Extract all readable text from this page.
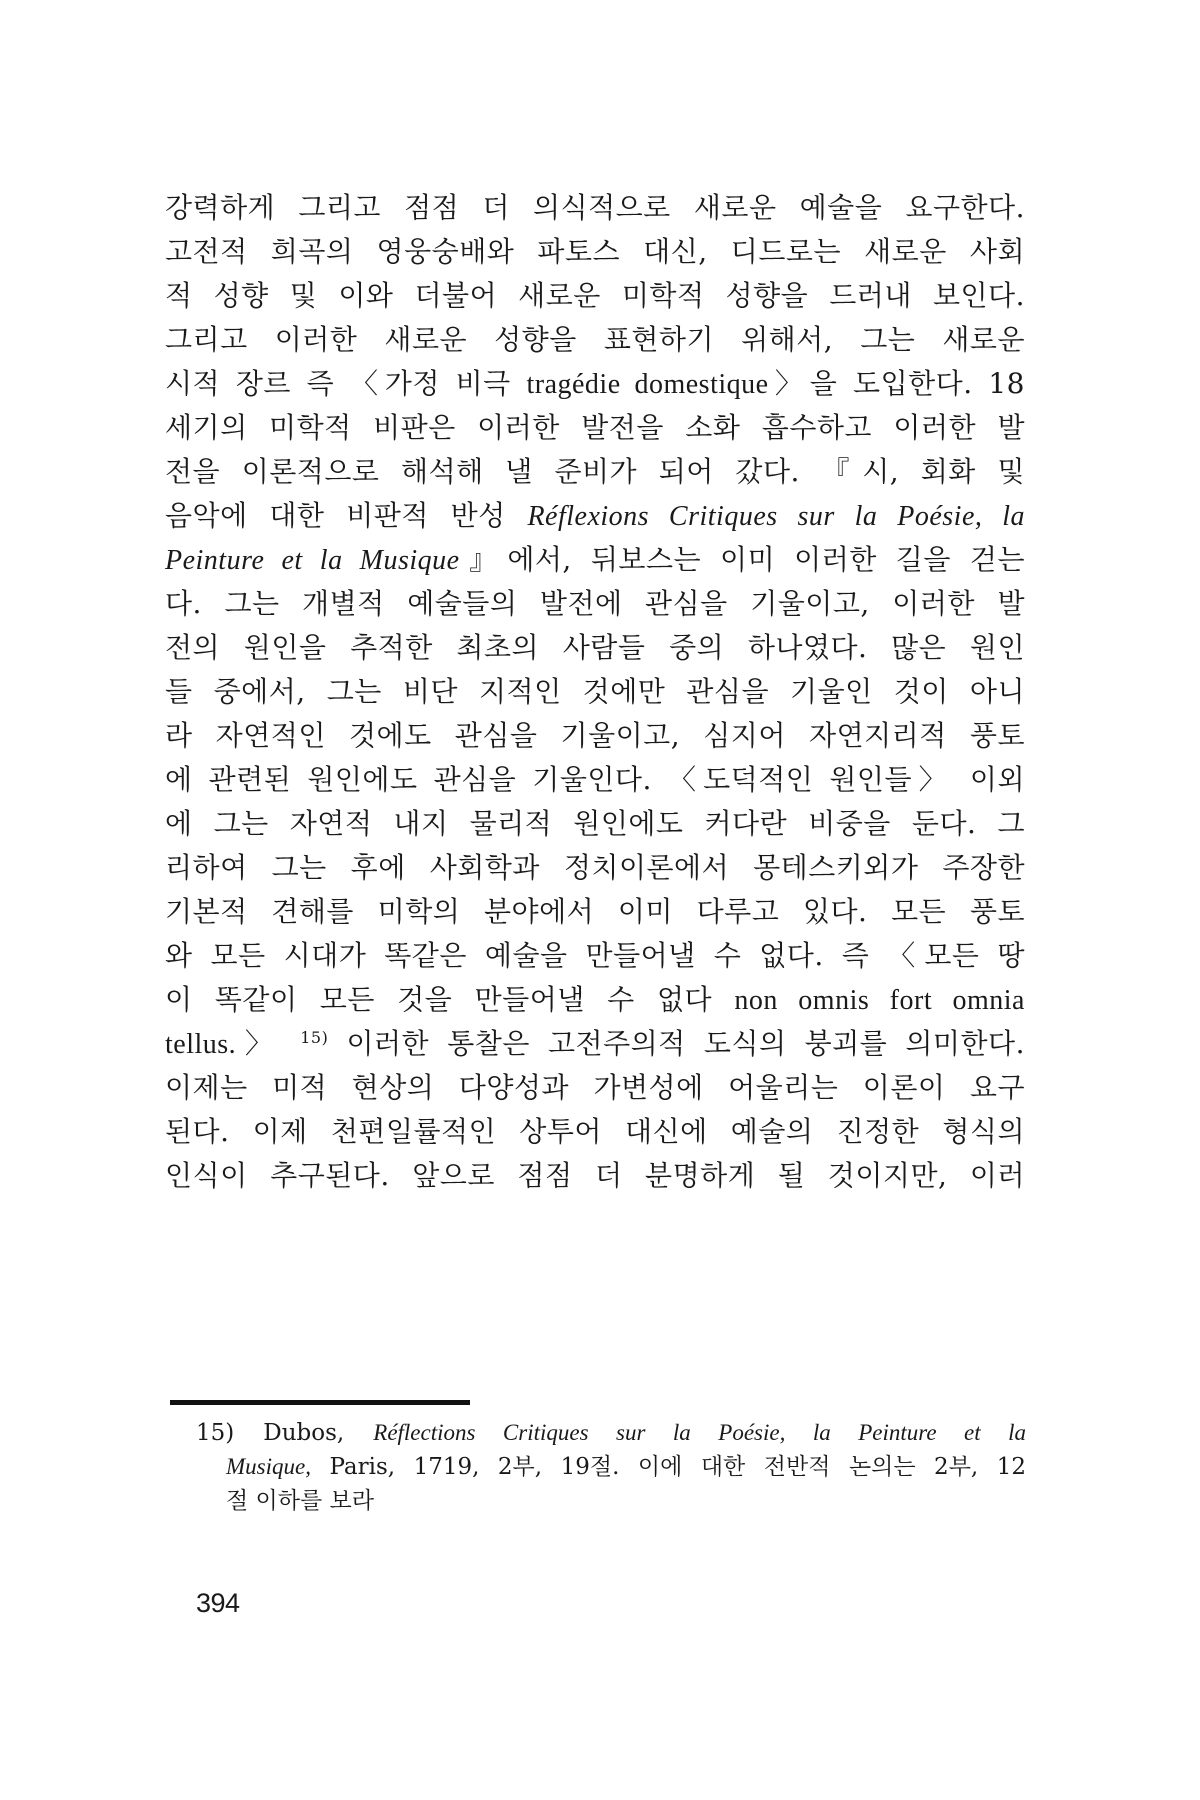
강력하게 그리고 점점 더 의식적으로 새로운 예술을 요구한다.
고전적 희곡의 영웅숭배와 파토스 대신, 디드로는 새로운 사회
적 성향 및 이와 더불어 새로운 미학적 성향을 드러내 보인다.
그리고 이러한 새로운 성향을 표현하기 위해서, 그는 새로운
시적 장르 즉 〈가정 비극 tragédie domestique〉을 도입한다. 18
세기의 미학적 비판은 이러한 발전을 소화 흡수하고 이러한 발
전을 이론적으로 해석해 낼 준비가 되어 갔다. 『시, 회화 및
음악에 대한 비판적 반성 Réflexions Critiques sur la Poésie, la
Peinture et la Musique』에서, 뒤보스는 이미 이러한 길을 걷는
다. 그는 개별적 예술들의 발전에 관심을 기울이고, 이러한 발
전의 원인을 추적한 최초의 사람들 중의 하나였다. 많은 원인
들 중에서, 그는 비단 지적인 것에만 관심을 기울인 것이 아니
라 자연적인 것에도 관심을 기울이고, 심지어 자연지리적 풍토
에 관련된 원인에도 관심을 기울인다. 〈도덕적인 원인들〉 이외
에 그는 자연적 내지 물리적 원인에도 커다란 비중을 둔다. 그
리하여 그는 후에 사회학과 정치이론에서 몽테스키외가 주장한
기본적 견해를 미학의 분야에서 이미 다루고 있다. 모든 풍토
와 모든 시대가 똑같은 예술을 만들어낼 수 없다. 즉 〈모든 땅
이 똑같이 모든 것을 만들어낼 수 없다 non omnis fort omnia
tellus.〉 $^{15)}$ 이러한 통찰은 고전주의적 도식의 붕괴를 의미한다.
이제는 미적 현상의 다양성과 가변성에 어울리는 이론이 요구
된다. 이제 천편일률적인 상투어 대신에 예술의 진정한 형식의
인식이 추구된다. 앞으로 점점 더 분명하게 될 것이지만, 이러
15) Dubos, Réflections Critiques sur la Poésie, la Peinture et la
Musique, Paris, 1719, 2부, 19절. 이에 대한 전반적 논의는 2부, 12
절 이하를 보라
394
